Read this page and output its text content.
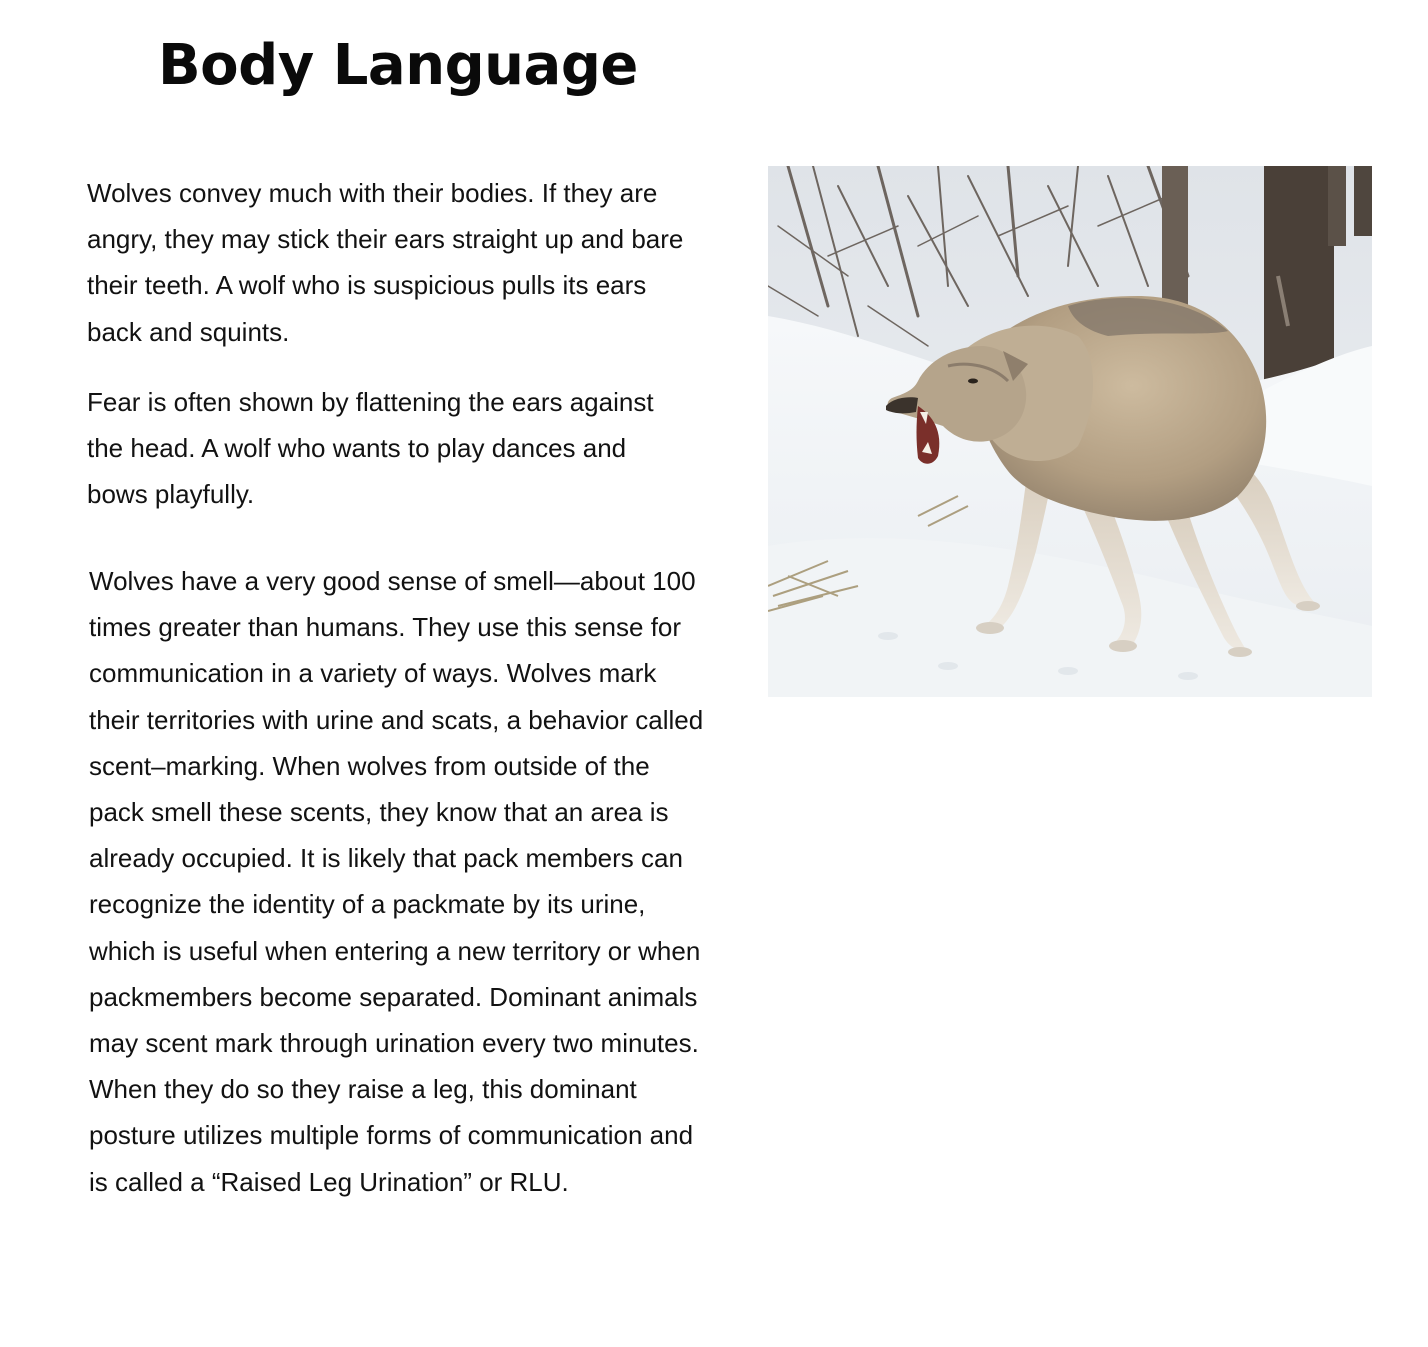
Body Language

Wolves convey much with their bodies. If they are angry, they may stick their ears straight up and bare their teeth. A wolf who is suspicious pulls its ears back and squints.

Fear is often shown by flattening the ears against the head. A wolf who wants to play dances and bows playfully.

Wolves have a very good sense of smell—about 100 times greater than humans. They use this sense for communication in a variety of ways. Wolves mark their territories with urine and scats, a behavior called scent–marking. When wolves from outside of the pack smell these scents, they know that an area is already occupied. It is likely that pack members can recognize the identity of a packmate by its urine, which is useful when entering a new territory or when packmembers become separated. Dominant animals may scent mark through urination every two minutes. When they do so they raise a leg, this dominant posture utilizes multiple forms of communication and is called a “Raised Leg Urination” or RLU.
